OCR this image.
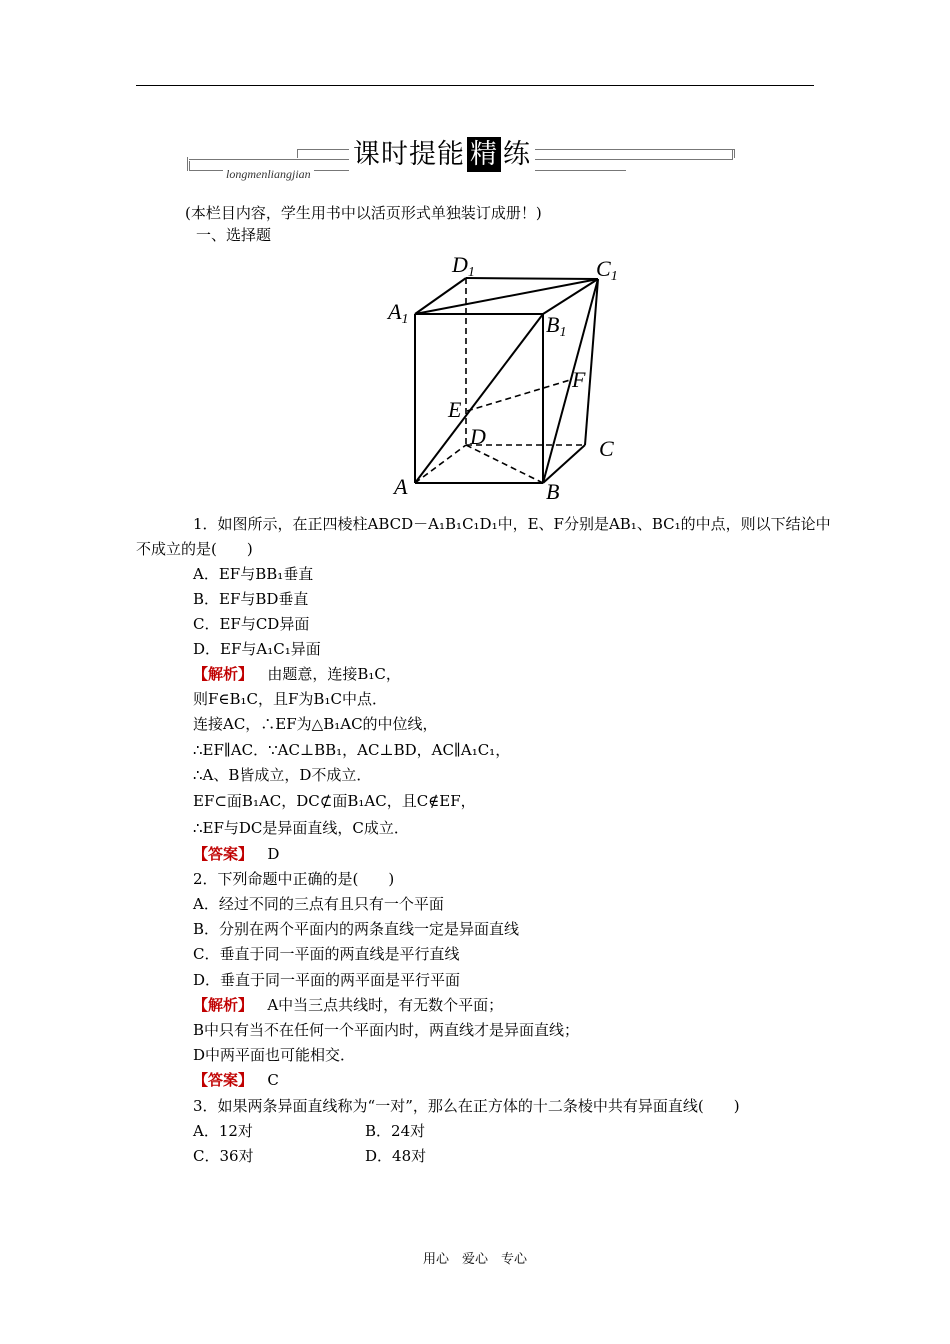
课时提能 精 练
longmenliangjian
(本栏目内容，学生用书中以活页形式单独装订成册！)
一、选择题
D1	C1
A1	B1
F
E
D	C
A	B
1．如图所示，在正四棱柱ABCD－A₁B₁C₁D₁中，E、F分别是AB₁、BC₁的中点，则以下结论中
不成立的是(　　)
A．EF与BB₁垂直
B．EF与BD垂直
C．EF与CD异面
D．EF与A₁C₁异面
【解析】 由题意，连接B₁C，
则F∈B₁C，且F为B₁C中点．
连接AC，∴EF为△B₁AC的中位线，
∴EF∥AC．∵AC⊥BB₁，AC⊥BD，AC∥A₁C₁，
∴A、B皆成立，D不成立．
EF⊂面B₁AC，DC⊄面B₁AC，且C∉EF，
∴EF与DC是异面直线，C成立．
【答案】 D
2．下列命题中正确的是(　　)
A．经过不同的三点有且只有一个平面
B．分别在两个平面内的两条直线一定是异面直线
C．垂直于同一平面的两直线是平行直线
D．垂直于同一平面的两平面是平行平面
【解析】 A中当三点共线时，有无数个平面；
B中只有当不在任何一个平面内时，两直线才是异面直线；
D中两平面也可能相交．
【答案】 C
3．如果两条异面直线称为“一对”，那么在正方体的十二条棱中共有异面直线(　　)
A．12对	B．24对
C．36对	D．48对
用心　爱心　专心
